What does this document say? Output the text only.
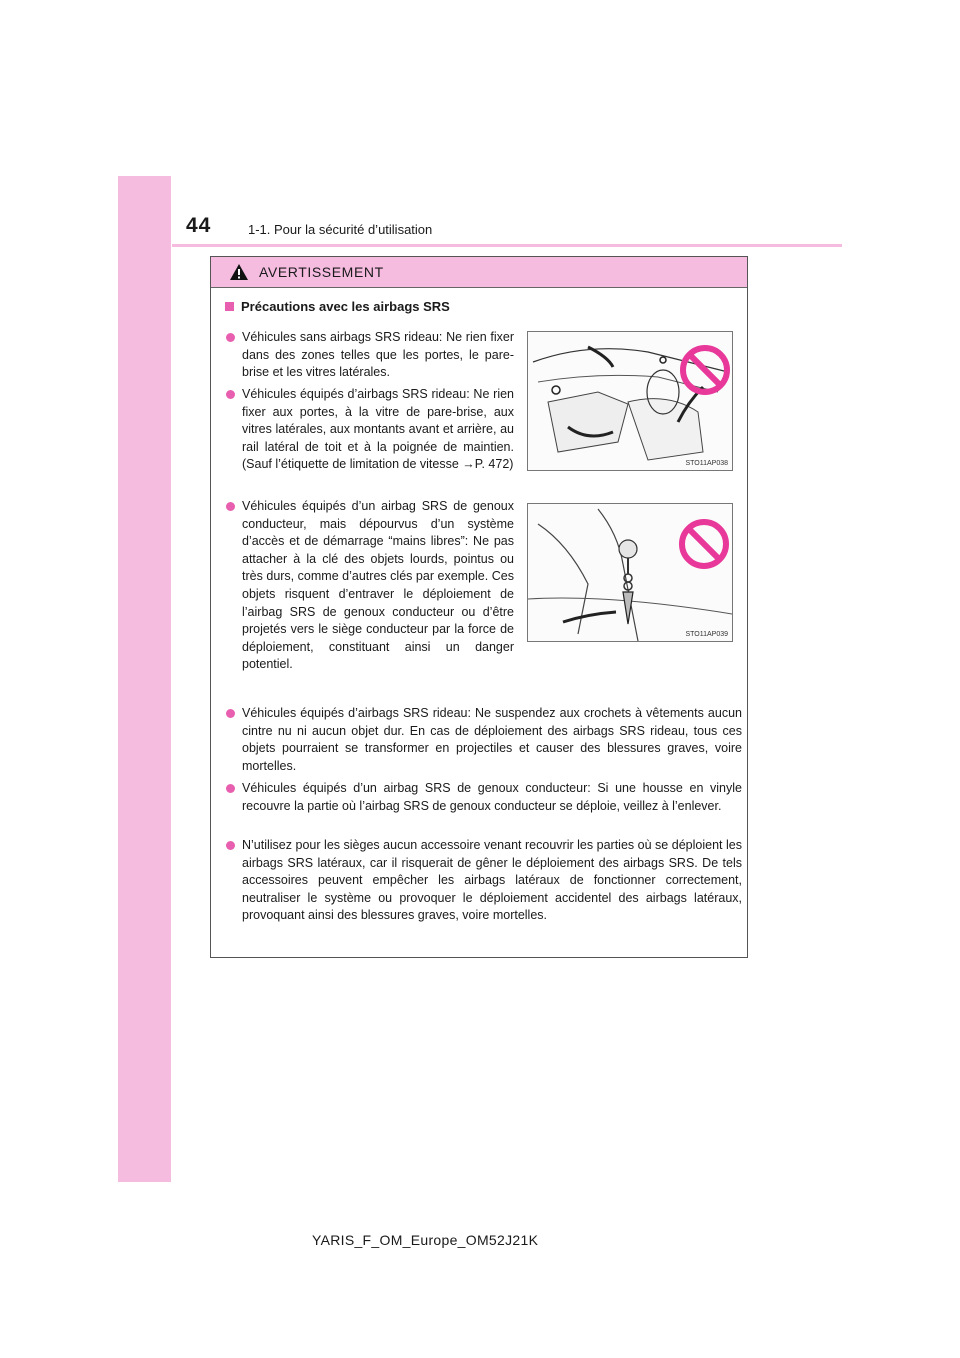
44	1-1. Pour la sécurité d’utilisation
AVERTISSEMENT
Précautions avec les airbags SRS
Véhicules sans airbags SRS rideau: Ne rien fixer dans des zones telles que les portes, le pare-brise et les vitres latérales.
Véhicules équipés d’airbags SRS rideau: Ne rien fixer aux portes, à la vitre de pare-brise, aux vitres latérales, aux montants avant et arrière, au rail latéral de toit et à la poignée de maintien. (Sauf l’étiquette de limitation de vitesse →P. 472)
Véhicules équipés d’un airbag SRS de genoux conducteur, mais dépourvus d’un système d’accès et de démarrage “mains libres”: Ne pas attacher à la clé des objets lourds, pointus ou très durs, comme d’autres clés par exemple. Ces objets risquent d’entraver le déploiement de l’airbag SRS de genoux conducteur ou d’être projetés vers le siège conducteur par la force de déploiement, constituant ainsi un danger potentiel.
Véhicules équipés d’airbags SRS rideau: Ne suspendez aux crochets à vêtements aucun cintre nu ni aucun objet dur. En cas de déploiement des airbags SRS rideau, tous ces objets pourraient se transformer en projectiles et causer des blessures graves, voire mortelles.
Véhicules équipés d’un airbag SRS de genoux conducteur: Si une housse en vinyle recouvre la partie où l’airbag SRS de genoux conducteur se déploie, veillez à l’enlever.
N’utilisez pour les sièges aucun accessoire venant recouvrir les parties où se déploient les airbags SRS latéraux, car il risquerait de gêner le déploiement des airbags SRS. De tels accessoires peuvent empêcher les airbags latéraux de fonctionner correctement, neutraliser le système ou provoquer le déploiement accidentel des airbags latéraux, provoquant ainsi des blessures graves, voire mortelles.
STO11AP038
STO11AP039
YARIS_F_OM_Europe_OM52J21K
